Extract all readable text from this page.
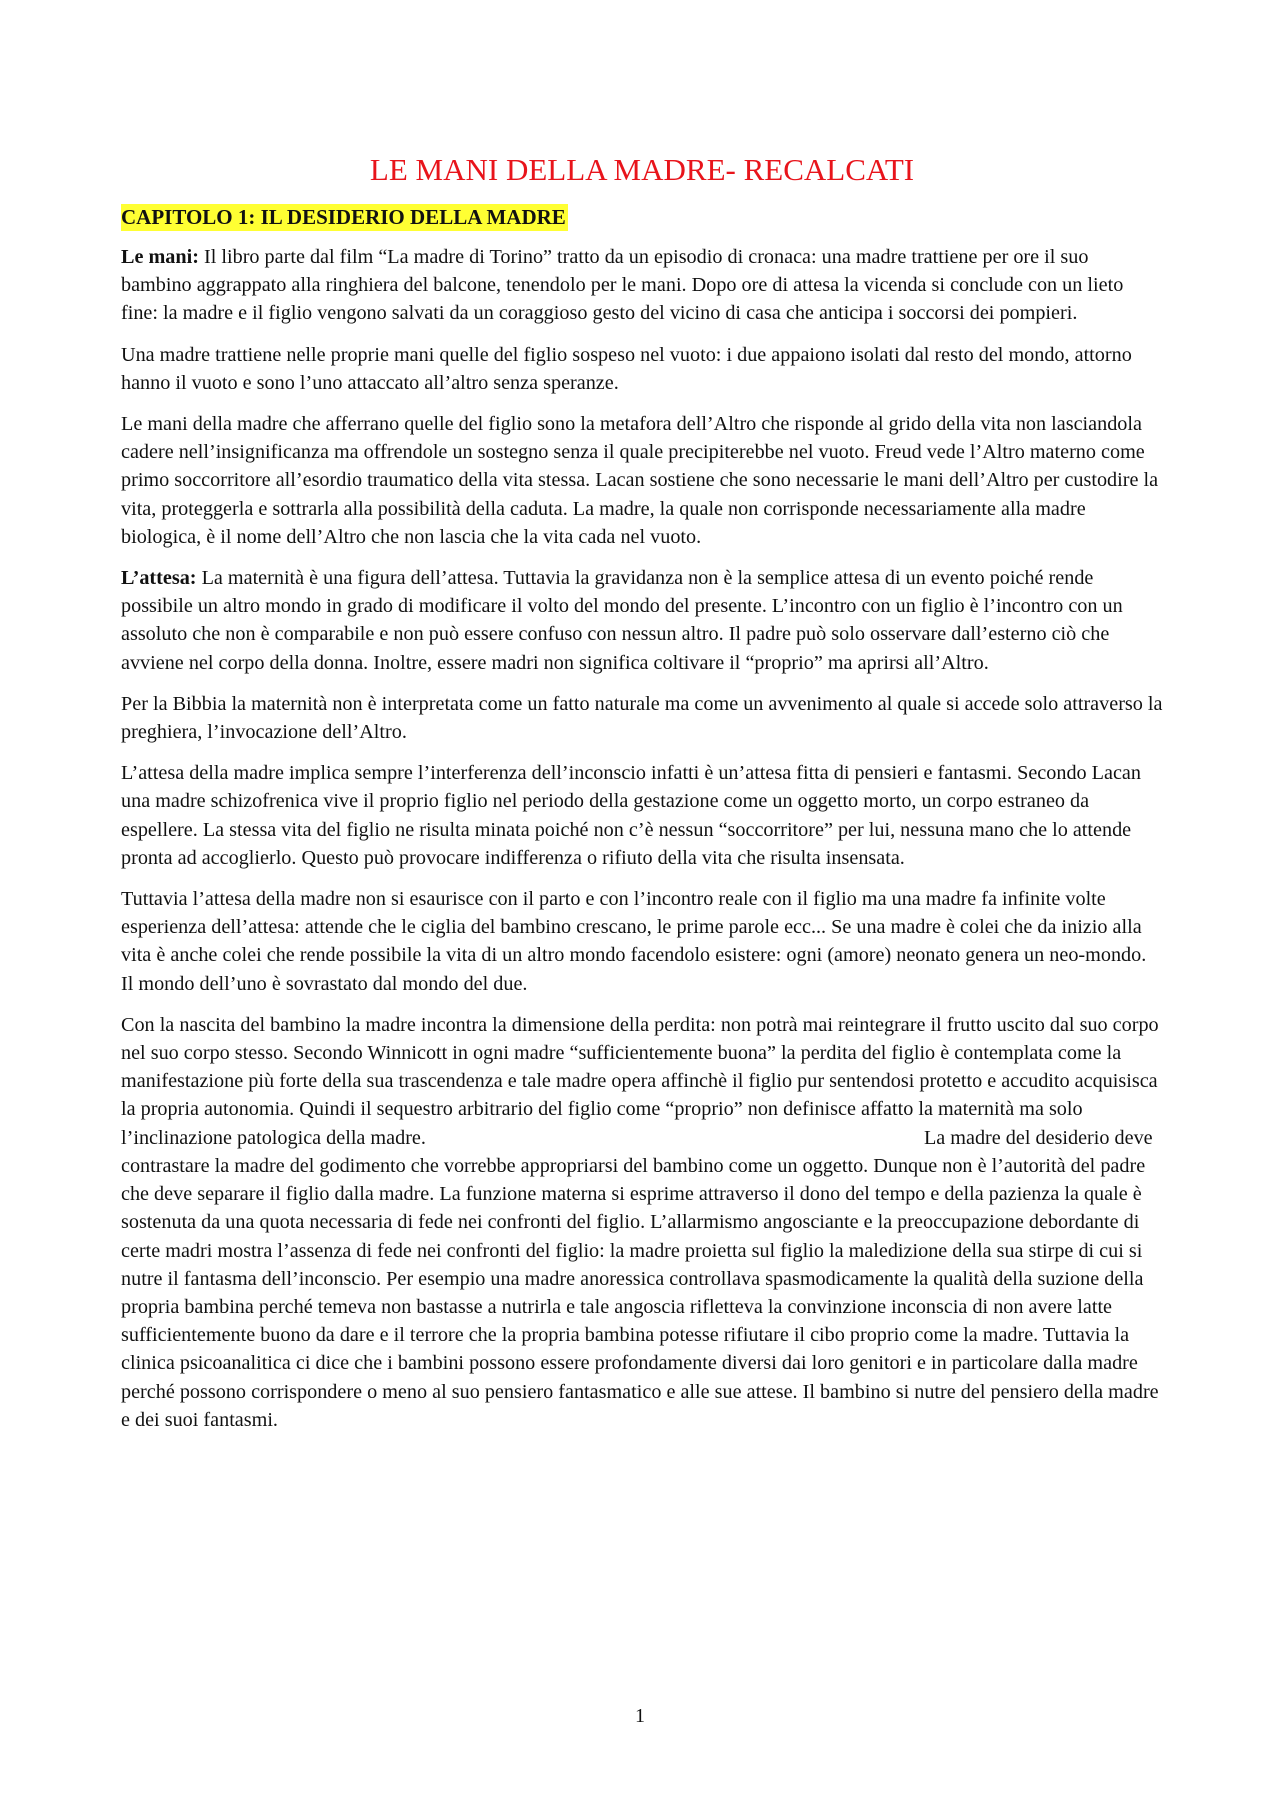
LE MANI DELLA MADRE- RECALCATI
CAPITOLO 1: IL DESIDERIO DELLA MADRE

Le mani: Il libro parte dal film “La madre di Torino” tratto da un episodio di cronaca: una madre trattiene per ore il suo bambino aggrappato alla ringhiera del balcone, tenendolo per le mani. Dopo ore di attesa la vicenda si conclude con un lieto fine: la madre e il figlio vengono salvati da un coraggioso gesto del vicino di casa che anticipa i soccorsi dei pompieri.

Una madre trattiene nelle proprie mani quelle del figlio sospeso nel vuoto: i due appaiono isolati dal resto del mondo, attorno hanno il vuoto e sono l’uno attaccato all’altro senza speranze.

Le mani della madre che afferrano quelle del figlio sono la metafora dell’Altro che risponde al grido della vita non lasciandola cadere nell’insignificanza ma offrendole un sostegno senza il quale precipiterebbe nel vuoto. Freud vede l’Altro materno come primo soccorritore all’esordio traumatico della vita stessa. Lacan sostiene che sono necessarie le mani dell’Altro per custodire la vita, proteggerla e sottrarla alla possibilità della caduta. La madre, la quale non corrisponde necessariamente alla madre biologica, è il nome dell’Altro che non lascia che la vita cada nel vuoto.

L’attesa: La maternità è una figura dell’attesa. Tuttavia la gravidanza non è la semplice attesa di un evento poiché rende possibile un altro mondo in grado di modificare il volto del mondo del presente. L’incontro con un figlio è l’incontro con un assoluto che non è comparabile e non può essere confuso con nessun altro. Il padre può solo osservare dall’esterno ciò che avviene nel corpo della donna. Inoltre, essere madri non significa coltivare il “proprio” ma aprirsi all’Altro.

Per la Bibbia la maternità non è interpretata come un fatto naturale ma come un avvenimento al quale si accede solo attraverso la preghiera, l’invocazione dell’Altro.

L’attesa della madre implica sempre l’interferenza dell’inconscio infatti è un’attesa fitta di pensieri e fantasmi. Secondo Lacan una madre schizofrenica vive il proprio figlio nel periodo della gestazione come un oggetto morto, un corpo estraneo da espellere. La stessa vita del figlio ne risulta minata poiché non c’è nessun “soccorritore” per lui, nessuna mano che lo attende pronta ad accoglierlo. Questo può provocare indifferenza o rifiuto della vita che risulta insensata.

Tuttavia l’attesa della madre non si esaurisce con il parto e con l’incontro reale con il figlio ma una madre fa infinite volte esperienza dell’attesa: attende che le ciglia del bambino crescano, le prime parole ecc... Se una madre è colei che da inizio alla vita è anche colei che rende possibile la vita di un altro mondo facendolo esistere: ogni (amore) neonato genera un neo-mondo. Il mondo dell’uno è sovrastato dal mondo del due.

Con la nascita del bambino la madre incontra la dimensione della perdita: non potrà mai reintegrare il frutto uscito dal suo corpo nel suo corpo stesso. Secondo Winnicott in ogni madre “sufficientemente buona” la perdita del figlio è contemplata come la manifestazione più forte della sua trascendenza e tale madre opera affinchè il figlio pur sentendosi protetto e accudito acquisisca la propria autonomia. Quindi il sequestro arbitrario del figlio come “proprio” non definisce affatto la maternità ma solo l’inclinazione patologica della madre.	La madre del desiderio deve contrastare la madre del godimento che vorrebbe appropriarsi del bambino come un oggetto. Dunque non è l’autorità del padre che deve separare il figlio dalla madre. La funzione materna si esprime attraverso il dono del tempo e della pazienza la quale è sostenuta da una quota necessaria di fede nei confronti del figlio. L’allarmismo angosciante e la preoccupazione debordante di certe madri mostra l’assenza di fede nei confronti del figlio: la madre proietta sul figlio la maledizione della sua stirpe di cui si nutre il fantasma dell’inconscio. Per esempio una madre anoressica controllava spasmodicamente la qualità della suzione della propria bambina perché temeva non bastasse a nutrirla e tale angoscia rifletteva la convinzione inconscia di non avere latte sufficientemente buono da dare e il terrore che la propria bambina potesse rifiutare il cibo proprio come la madre. Tuttavia la clinica psicoanalitica ci dice che i bambini possono essere profondamente diversi dai loro genitori e in particolare dalla madre perché possono corrispondere o meno al suo pensiero fantasmatico e alle sue attese. Il bambino si nutre del pensiero della madre e dei suoi fantasmi.

1
